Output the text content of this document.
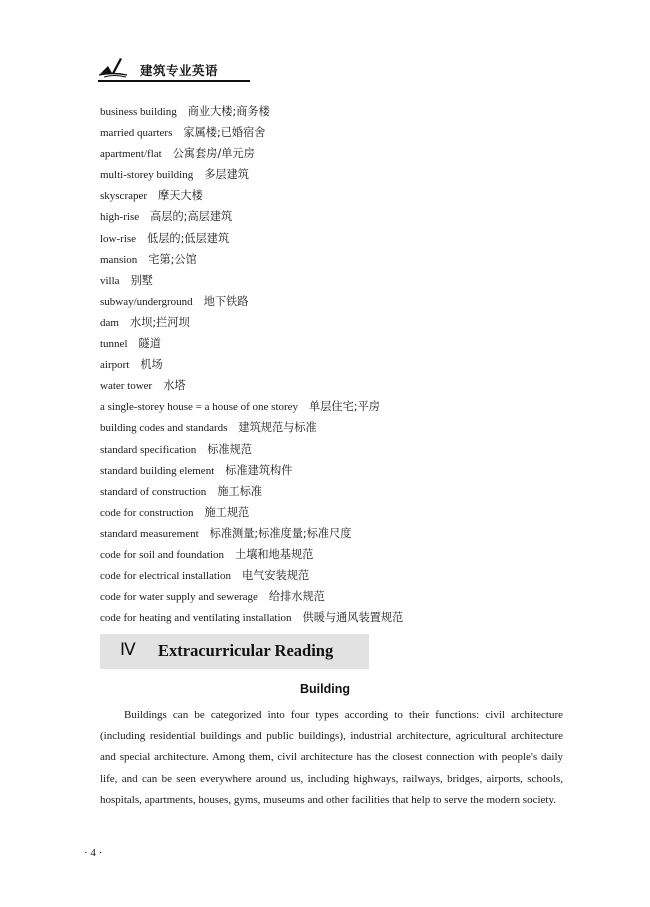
建筑专业英语
business building 商业大楼;商务楼
married quarters 家属楼;已婚宿舍
apartment/flat 公寓套房/单元房
multi-storey building 多层建筑
skyscraper 摩天大楼
high-rise 高层的;高层建筑
low-rise 低层的;低层建筑
mansion 宅第;公馆
villa 别墅
subway/underground 地下铁路
dam 水坝;拦河坝
tunnel 隧道
airport 机场
water tower 水塔
a single-storey house = a house of one storey 单层住宅;平房
building codes and standards 建筑规范与标准
standard specification 标准规范
standard building element 标准建筑构件
standard of construction 施工标准
code for construction 施工规范
standard measurement 标准测量;标准度量;标准尺度
code for soil and foundation 土壤和地基规范
code for electrical installation 电气安装规范
code for water supply and sewerage 给排水规范
code for heating and ventilating installation 供暖与通风装置规范
Ⅳ Extracurricular Reading
Building

Buildings can be categorized into four types according to their functions: civil architecture (including residential buildings and public buildings), industrial architecture, agricultural architecture and special architecture. Among them, civil architecture has the closest connection with people's daily life, and can be seen everywhere around us, including highways, railways, bridges, airports, schools, hospitals, apartments, houses, gyms, museums and other facilities that help to serve the modern society.

· 4 ·
